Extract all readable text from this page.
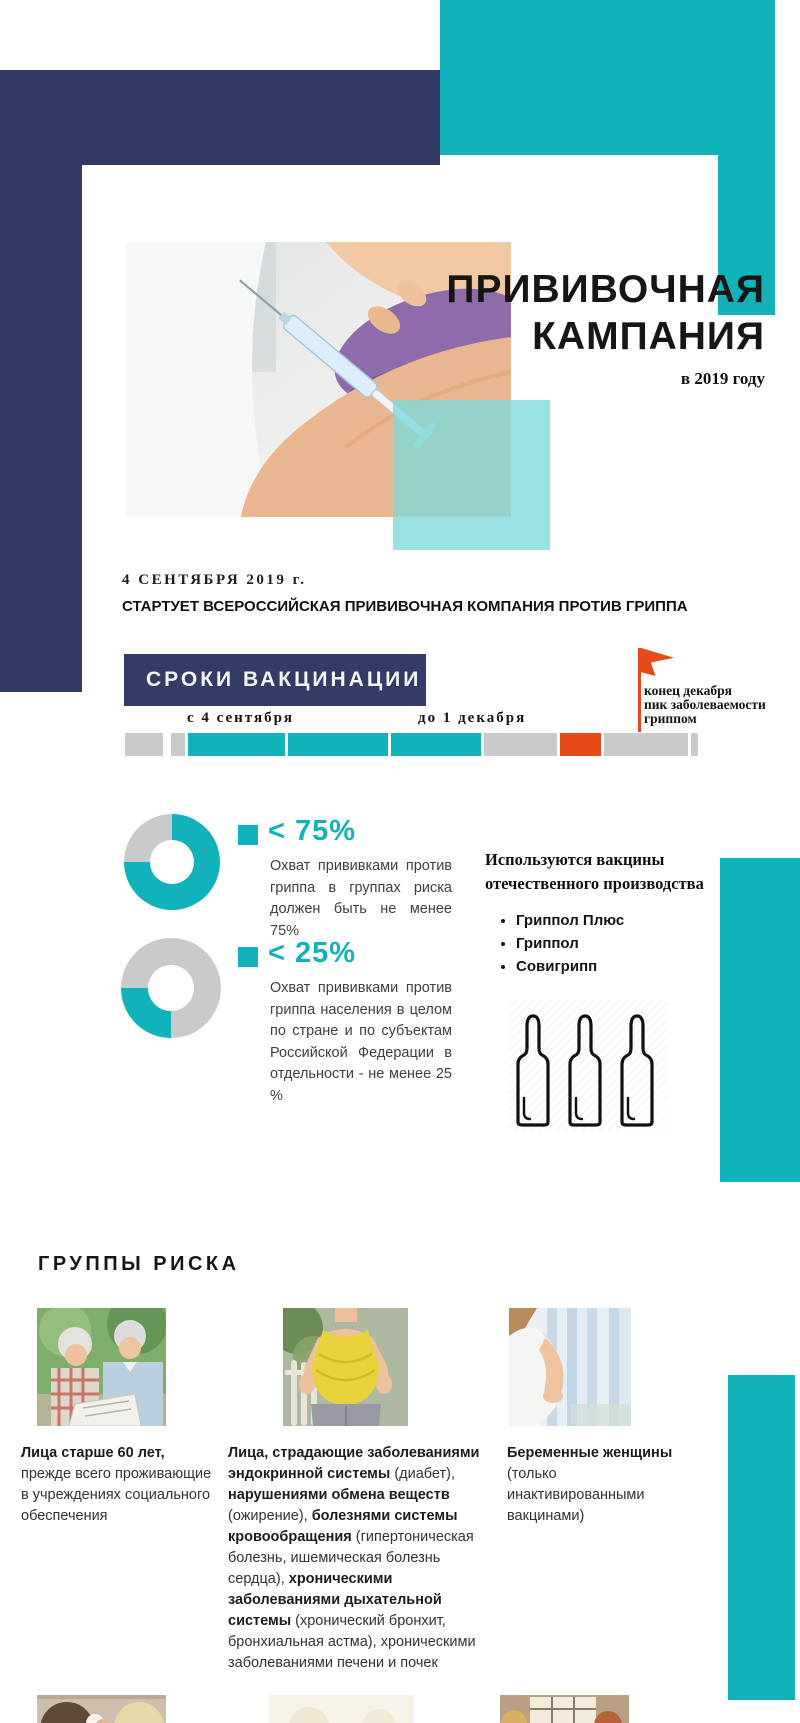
ПРИВИВОЧНАЯ
КАМПАНИЯ
в 2019 году
4 СЕНТЯБРЯ 2019 г.
СТАРТУЕТ ВСЕРОССИЙСКАЯ ПРИВИВОЧНАЯ КОМПАНИЯ ПРОТИВ ГРИППА
СРОКИ ВАКЦИНАЦИИ	конец декабря
пик заболеваемости
гриппом
с 4 сентября	до 1 декабря
< 75%
Охват прививками против гриппа в группах риска должен быть не менее 75%
< 25%
Охват прививками против гриппа населения в целом по стране и по субъектам Российской Федерации в отдельности - не менее 25 %
Используются вакцины отечественного производства
• Гриппол Плюс
• Гриппол
• Совигрипп
ГРУППЫ РИСКА
Лица старше 60 лет, прежде всего проживающие в учреждениях социального обеспечения
Лица, страдающие заболеваниями эндокринной системы (диабет), нарушениями обмена веществ (ожирение), болезнями системы кровообращения (гипертоническая болезнь, ишемическая болезнь сердца), хроническими заболеваниями дыхательной системы (хронический бронхит, бронхиальная астма), хроническими заболеваниями печени и почек
Беременные женщины (только инактивированными вакцинами)
